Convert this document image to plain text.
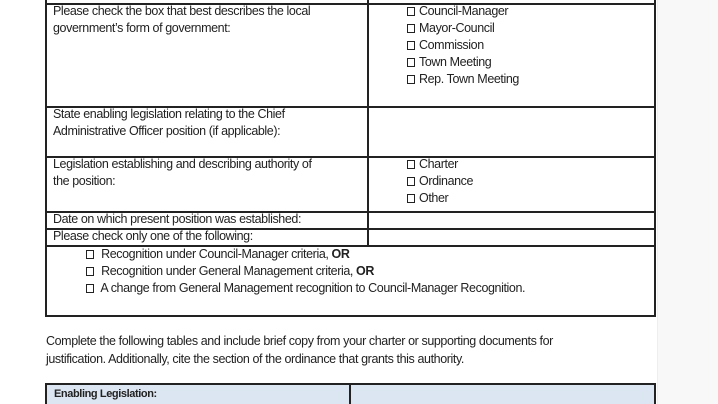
Please check the box that best describes the local
government’s form of government:
Council-Manager
Mayor-Council
Commission
Town Meeting
Rep. Town Meeting
State enabling legislation relating to the Chief
Administrative Officer position (if applicable):
Legislation establishing and describing authority of
the position:
Charter
Ordinance
Other
Date on which present position was established:
Please check only one of the following:
Recognition under Council-Manager criteria, OR
Recognition under General Management criteria, OR
A change from General Management recognition to Council-Manager Recognition.
Complete the following tables and include brief copy from your charter or supporting documents for
justification. Additionally, cite the section of the ordinance that grants this authority.
Enabling Legislation:
